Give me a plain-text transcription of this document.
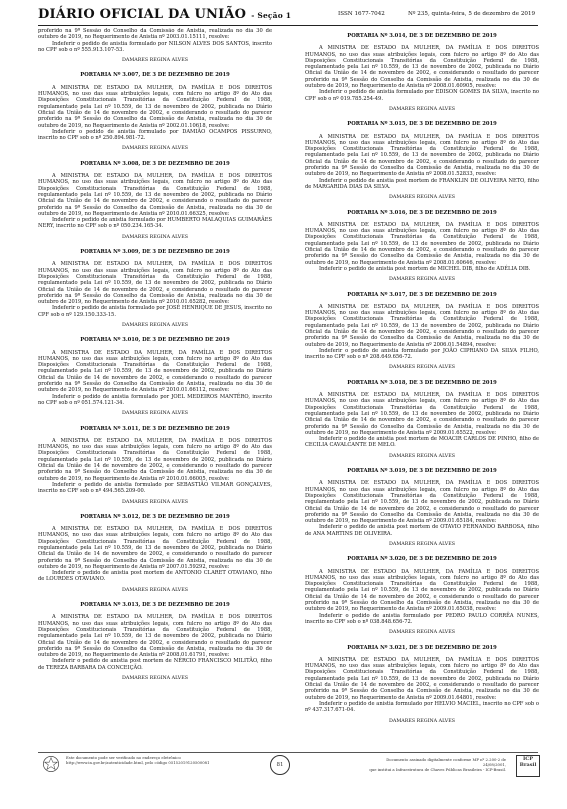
DIÁRIO OFICIAL DA UNIÃO - Seção 1	ISSN 1677-7042	Nº 235, quinta-feira, 5 de dezembro de 2019

proferido na 9ª Sessão do Conselho da Comissão de Anistia, realizada no dia 30 de outubro de 2019, no Requerimento de Anistia nº 2003.01.15111, resolve:

Indeferir o pedido de anistia formulado por NILSON ALVES DOS SANTOS, inscrito no CPF sob o nº 555.913.107-53.

DAMARES REGINA ALVES
PORTARIA Nº 3.007, DE 3 DE DEZEMBRO DE 2019

A MINISTRA DE ESTADO DA MULHER, DA FAMÍLIA E DOS DIREITOS HUMANOS, no uso das suas atribuições legais, com fulcro no artigo 8º do Ato das Disposições Constitucionais Transitórias da Constituição Federal de 1988, regulamentado pela Lei nº 10.559, de 13 de novembro de 2002, publicada no Diário Oficial da União de 14 de novembro de 2002, e considerando o resultado do parecer proferido na 9ª Sessão do Conselho da Comissão de Anistia, realizada no dia 30 de outubro de 2019, no Requerimento de Anistia nº 2002.01.10618, resolve:

Indeferir o pedido de anistia formulado por DAMIÃO OCAMPOS PISSURNO, inscrito no CPF sob o nº 250.894.981-72.

DAMARES REGINA ALVES
PORTARIA Nº 3.008, DE 3 DE DEZEMBRO DE 2019

A MINISTRA DE ESTADO DA MULHER, DA FAMÍLIA E DOS DIREITOS HUMANOS, no uso das suas atribuições legais, com fulcro no artigo 8º do Ato das Disposições Constitucionais Transitórias da Constituição Federal de 1988, regulamentado pela Lei nº 10.559, de 13 de novembro de 2002, publicada no Diário Oficial da União de 14 de novembro de 2002, e considerando o resultado do parecer proferido na 9ª Sessão do Conselho da Comissão de Anistia, realizada no dia 30 de outubro de 2019, no Requerimento de Anistia nº 2010.01.66325, resolve:

Indeferir o pedido de anistia formulado por HUMBERTO MALAQUIAS GUIMARÃES NERY, inscrito no CPF sob o nº 050.234.165-34.

DAMARES REGINA ALVES
PORTARIA Nº 3.009, DE 3 DE DEZEMBRO DE 2019

A MINISTRA DE ESTADO DA MULHER, DA FAMÍLIA E DOS DIREITOS HUMANOS, no uso das suas atribuições legais, com fulcro no artigo 8º do Ato das Disposições Constitucionais Transitórias da Constituição Federal de 1988, regulamentado pela Lei nº 10.559, de 13 de novembro de 2002, publicada no Diário Oficial da União de 14 de novembro de 2002, e considerando o resultado do parecer proferido na 9ª Sessão do Conselho da Comissão de Anistia, realizada no dia 30 de outubro de 2019, no Requerimento de Anistia nº 2010.01.65282, resolve:

Indeferir o pedido de anistia formulado por JOSÉ HENRIQUE DE JESUS, inscrito no CPF sob o nº 129.150.333-15.

DAMARES REGINA ALVES
PORTARIA Nº 3.010, DE 3 DE DEZEMBRO DE 2019

A MINISTRA DE ESTADO DA MULHER, DA FAMÍLIA E DOS DIREITOS HUMANOS, no uso das suas atribuições legais, com fulcro no artigo 8º do Ato das Disposições Constitucionais Transitórias da Constituição Federal de 1988, regulamentado pela Lei nº 10.559, de 13 de novembro de 2002, publicada no Diário Oficial da União de 14 de novembro de 2002, e considerando o resultado do parecer proferido na 9ª Sessão do Conselho da Comissão de Anistia, realizada no dia 30 de outubro de 2019, no Requerimento de Anistia nº 2010.01.66112, resolve:

Indeferir o pedido de anistia formulado por JOEL MEDEIROS MANTÉRO, inscrito no CPF sob o nº 051.574.121-34.

DAMARES REGINA ALVES
PORTARIA Nº 3.011, DE 3 DE DEZEMBRO DE 2019

A MINISTRA DE ESTADO DA MULHER, DA FAMÍLIA E DOS DIREITOS HUMANOS, no uso das suas atribuições legais, com fulcro no artigo 8º do Ato das Disposições Constitucionais Transitórias da Constituição Federal de 1988, regulamentado pela Lei nº 10.559, de 13 de novembro de 2002, publicada no Diário Oficial da União de 14 de novembro de 2002, e considerando o resultado do parecer proferido na 9ª Sessão do Conselho da Comissão de Anistia, realizada no dia 30 de outubro de 2019, no Requerimento de Anistia nº 2010.01.66005, resolve:

Indeferir o pedido de anistia formulado por SEBASTIÃO VILMAR GONÇALVES, inscrito no CPF sob o nº 494.565.209-00.

DAMARES REGINA ALVES
PORTARIA Nº 3.012, DE 3 DE DEZEMBRO DE 2019

A MINISTRA DE ESTADO DA MULHER, DA FAMÍLIA E DOS DIREITOS HUMANOS, no uso das suas atribuições legais, com fulcro no artigo 8º do Ato das Disposições Constitucionais Transitórias da Constituição Federal de 1988, regulamentado pela Lei nº 10.559, de 13 de novembro de 2002, publicada no Diário Oficial da União de 14 de novembro de 2002, e considerando o resultado do parecer proferido na 9ª Sessão do Conselho da Comissão de Anistia, realizada no dia 30 de outubro de 2019, no Requerimento de Anistia nº 2007.01.59292, resolve:

Indeferir o pedido de anistia post mortem de ANTONIO CLARET OTAVIANO, filho de LOURDES OTAVIANO.

DAMARES REGINA ALVES
PORTARIA Nº 3.013, DE 3 DE DEZEMBRO DE 2019

A MINISTRA DE ESTADO DA MULHER, DA FAMÍLIA E DOS DIREITOS HUMANOS, no uso das suas atribuições legais, com fulcro no artigo 8º do Ato das Disposições Constitucionais Transitórias da Constituição Federal de 1988, regulamentado pela Lei nº 10.559, de 13 de novembro de 2002, publicada no Diário Oficial da União de 14 de novembro de 2002, e considerando o resultado do parecer proferido na 9ª Sessão do Conselho da Comissão de Anistia, realizada no dia 30 de outubro de 2019, no Requerimento de Anistia nº 2008.01.61791, resolve:

Indeferir o pedido de anistia post mortem de NÉRCIO FRANCISCO MILITÃO, filho de TEREZA BARBARA DA CONCEIÇÃO.

DAMARES REGINA ALVES
PORTARIA Nº 3.014, DE 3 DE DEZEMBRO DE 2019

A MINISTRA DE ESTADO DA MULHER, DA FAMÍLIA E DOS DIREITOS HUMANOS, no uso das suas atribuições legais, com fulcro no artigo 8º do Ato das Disposições Constitucionais Transitórias da Constituição Federal de 1988, regulamentado pela Lei nº 10.559, de 13 de novembro de 2002, publicada no Diário Oficial da União de 14 de novembro de 2002, e considerando o resultado do parecer proferido na 9ª Sessão do Conselho da Comissão de Anistia, realizada no dia 30 de outubro de 2019, no Requerimento de Anistia nº 2008.01.60905, resolve:

Indeferir o pedido de anistia formulado por EDISON GOMES DA SILVA, inscrito no CPF sob o nº 019.785.254-49.

DAMARES REGINA ALVES
PORTARIA Nº 3.015, DE 3 DE DEZEMBRO DE 2019

A MINISTRA DE ESTADO DA MULHER, DA FAMÍLIA E DOS DIREITOS HUMANOS, no uso das suas atribuições legais, com fulcro no artigo 8º do Ato das Disposições Constitucionais Transitórias da Constituição Federal de 1988, regulamentado pela Lei nº 10.559, de 13 de novembro de 2002, publicada no Diário Oficial da União de 14 de novembro de 2002, e considerando o resultado do parecer proferido na 9ª Sessão do Conselho da Comissão de Anistia, realizada no dia 30 de outubro de 2019, no Requerimento de Anistia nº 2008.01.52833, resolve:

Indeferir o pedido de anistia post mortem de FRANKLIN DE OLIVEIRA NETO, filho de MARGARIDA DIAS DA SILVA.

DAMARES REGINA ALVES
PORTARIA Nº 3.016, DE 3 DE DEZEMBRO DE 2019

A MINISTRA DE ESTADO DA MULHER, DA FAMÍLIA E DOS DIREITOS HUMANOS, no uso das suas atribuições legais, com fulcro no artigo 8º do Ato das Disposições Constitucionais Transitórias da Constituição Federal de 1988, regulamentado pela Lei nº 10.559, de 13 de novembro de 2002, publicada no Diário Oficial da União de 14 de novembro de 2002, e considerando o resultado do parecer proferido na 9ª Sessão do Conselho da Comissão de Anistia, realizada no dia 30 de outubro de 2019, no Requerimento de Anistia nº 2008.01.60646, resolve:

Indeferir o pedido de anistia post mortem de MICHEL DIB, filho de ADÉLIA DIB.

DAMARES REGINA ALVES
PORTARIA Nº 3.017, DE 3 DE DEZEMBRO DE 2019

A MINISTRA DE ESTADO DA MULHER, DA FAMÍLIA E DOS DIREITOS HUMANOS, no uso das suas atribuições legais, com fulcro no artigo 8º do Ato das Disposições Constitucionais Transitórias da Constituição Federal de 1988, regulamentado pela Lei nº 10.559, de 13 de novembro de 2002, publicada no Diário Oficial da União de 14 de novembro de 2002, e considerando o resultado do parecer proferido na 9ª Sessão do Conselho da Comissão de Anistia, realizada no dia 30 de outubro de 2019, no Requerimento de Anistia nº 2006.01.54894, resolve:

Indeferir o pedido de anistia formulado por JOÃO CIPRIANO DA SILVA FILHO, inscrito no CPF sob o nº 208.649.656-72.

DAMARES REGINA ALVES
PORTARIA Nº 3.018, DE 3 DE DEZEMBRO DE 2019

A MINISTRA DE ESTADO DA MULHER, DA FAMÍLIA E DOS DIREITOS HUMANOS, no uso das suas atribuições legais, com fulcro no artigo 8º do Ato das Disposições Constitucionais Transitórias da Constituição Federal de 1988, regulamentado pela Lei nº 10.559, de 13 de novembro de 2002, publicada no Diário Oficial da União de 14 de novembro de 2002, e considerando o resultado do parecer proferido na 9ª Sessão do Conselho da Comissão de Anistia, realizada no dia 30 de outubro de 2019, no Requerimento de Anistia nº 2009.01.65522, resolve:

Indeferir o pedido de anistia post mortem de MOACIR CARLOS DE PINHO, filho de CECILIA CAVALCANTE DE MELO.

DAMARES REGINA ALVES
PORTARIA Nº 3.019, DE 3 DE DEZEMBRO DE 2019

A MINISTRA DE ESTADO DA MULHER, DA FAMÍLIA E DOS DIREITOS HUMANOS, no uso das suas atribuições legais, com fulcro no artigo 8º do Ato das Disposições Constitucionais Transitórias da Constituição Federal de 1988, regulamentado pela Lei nº 10.559, de 13 de novembro de 2002, publicada no Diário Oficial da União de 14 de novembro de 2002, e considerando o resultado do parecer proferido na 9ª Sessão do Conselho da Comissão de Anistia, realizada no dia 30 de outubro de 2019, no Requerimento de Anistia nº 2009.01.65184, resolve:

Indeferir o pedido de anistia post mortem de OTAVIO FERNANDO BARBOSA, filho de ANA MARTINS DE OLIVEIRA.

DAMARES REGINA ALVES
PORTARIA Nº 3.020, DE 3 DE DEZEMBRO DE 2019

A MINISTRA DE ESTADO DA MULHER, DA FAMÍLIA E DOS DIREITOS HUMANOS, no uso das suas atribuições legais, com fulcro no artigo 8º do Ato das Disposições Constitucionais Transitórias da Constituição Federal de 1988, regulamentado pela Lei nº 10.559, de 13 de novembro de 2002, publicada no Diário Oficial da União de 14 de novembro de 2002, e considerando o resultado do parecer proferido na 9ª Sessão do Conselho da Comissão de Anistia, realizada no dia 30 de outubro de 2019, no Requerimento de Anistia nº 2009.01.65038, resolve:

Indeferir o pedido de anistia formulado por PEDRO PAULO CORRÊA NUNES, inscrito no CPF sob o nº 038.848.656-72.

DAMARES REGINA ALVES
PORTARIA Nº 3.021, DE 3 DE DEZEMBRO DE 2019

A MINISTRA DE ESTADO DA MULHER, DA FAMÍLIA E DOS DIREITOS HUMANOS, no uso das suas atribuições legais, com fulcro no artigo 8º do Ato das Disposições Constitucionais Transitórias da Constituição Federal de 1988, regulamentado pela Lei nº 10.559, de 13 de novembro de 2002, publicada no Diário Oficial da União de 14 de novembro de 2002, e considerando o resultado do parecer proferido na 9ª Sessão do Conselho da Comissão de Anistia, realizada no dia 30 de outubro de 2019, no Requerimento de Anistia nº 2009.01.64801, resolve:

Indeferir o pedido de anistia formulado por HELVIO MACIEL, inscrito no CPF sob o nº 437.317.671-04.

DAMARES REGINA ALVES
Este documento pode ser verificado no endereço eletrônico
http://www.in.gov.br/autenticidade.html, pelo código 05152019120500081	81
Documento assinado digitalmente conforme MP nº 2.200-2 de 24/08/2001,
que institui a Infraestrutura de Chaves Públicas Brasileira - ICP-Brasil.
ICP Brasil
